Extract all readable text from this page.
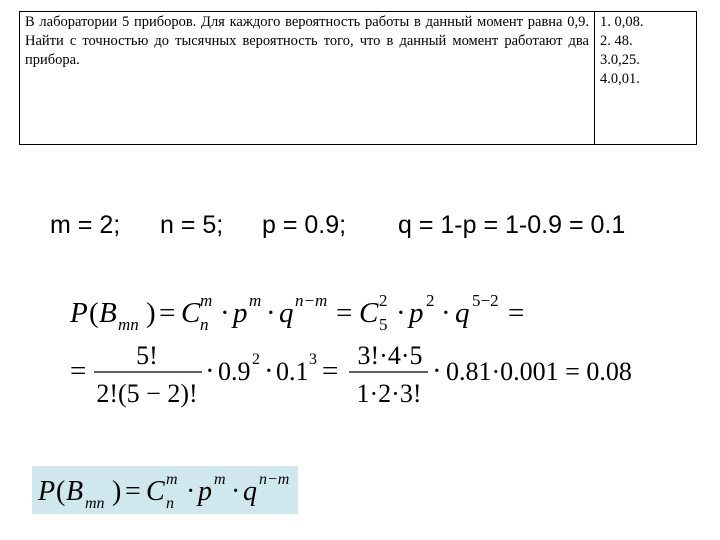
В лаборатории 5 приборов. Для каждого вероятность работы в данный момент равна 0,9. Найти с точностью до тысячных вероятность того, что в данный момент работают два прибора.
1. 0,08.
2. 48.
3.0,25.
4.0,01.
m = 2; n = 5; p = 0.9; q = 1-p = 1-0.9 = 0.1
P ( B mn ) = C m
n · p m · q n−m = C 2
5 · p 2 · q 5−2 =
= 5!
2!(5 − 2)!
· 0.9 2 · 0.1 3 = 3!·4·5
1·2·3!
· 0.81·0.001 = 0.08
P ( B mn ) = C m
n · p m · q n−m
